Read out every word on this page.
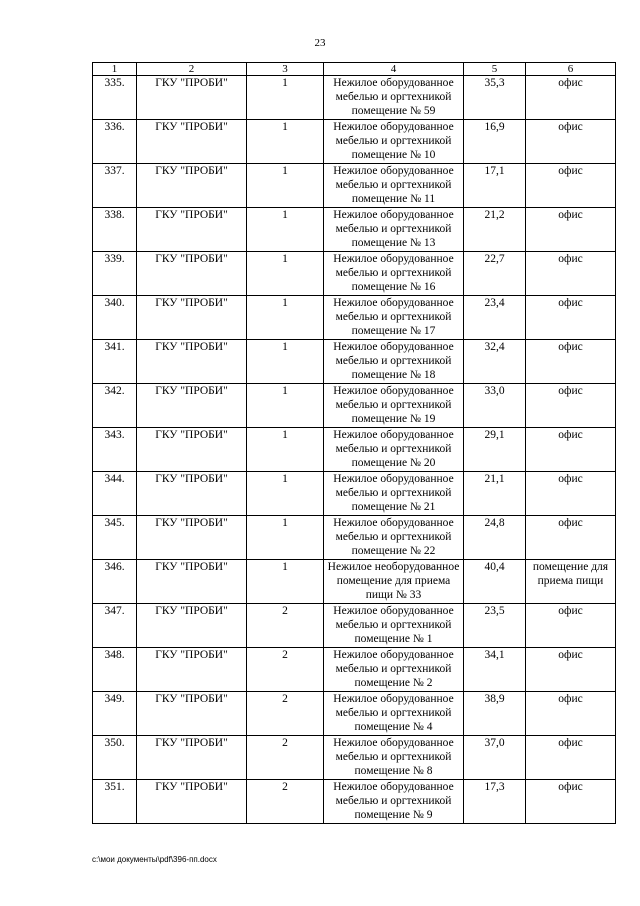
23
1	2	3	4	5	6
335.	ГКУ "ПРОБИ"	1	Нежилое оборудованное
мебелью и оргтехникой
помещение № 59	35,3	офис
336.	ГКУ "ПРОБИ"	1	Нежилое оборудованное
мебелью и оргтехникой
помещение № 10	16,9	офис
337.	ГКУ "ПРОБИ"	1	Нежилое оборудованное
мебелью и оргтехникой
помещение № 11	17,1	офис
338.	ГКУ "ПРОБИ"	1	Нежилое оборудованное
мебелью и оргтехникой
помещение № 13	21,2	офис
339.	ГКУ "ПРОБИ"	1	Нежилое оборудованное
мебелью и оргтехникой
помещение № 16	22,7	офис
340.	ГКУ "ПРОБИ"	1	Нежилое оборудованное
мебелью и оргтехникой
помещение № 17	23,4	офис
341.	ГКУ "ПРОБИ"	1	Нежилое оборудованное
мебелью и оргтехникой
помещение № 18	32,4	офис
342.	ГКУ "ПРОБИ"	1	Нежилое оборудованное
мебелью и оргтехникой
помещение № 19	33,0	офис
343.	ГКУ "ПРОБИ"	1	Нежилое оборудованное
мебелью и оргтехникой
помещение № 20	29,1	офис
344.	ГКУ "ПРОБИ"	1	Нежилое оборудованное
мебелью и оргтехникой
помещение № 21	21,1	офис
345.	ГКУ "ПРОБИ"	1	Нежилое оборудованное
мебелью и оргтехникой
помещение № 22	24,8	офис
346.	ГКУ "ПРОБИ"	1	Нежилое необорудованное
помещение для приема
пищи № 33	40,4	помещение для
приема пищи
347.	ГКУ "ПРОБИ"	2	Нежилое оборудованное
мебелью и оргтехникой
помещение № 1	23,5	офис
348.	ГКУ "ПРОБИ"	2	Нежилое оборудованное
мебелью и оргтехникой
помещение № 2	34,1	офис
349.	ГКУ "ПРОБИ"	2	Нежилое оборудованное
мебелью и оргтехникой
помещение № 4	38,9	офис
350.	ГКУ "ПРОБИ"	2	Нежилое оборудованное
мебелью и оргтехникой
помещение № 8	37,0	офис
351.	ГКУ "ПРОБИ"	2	Нежилое оборудованное
мебелью и оргтехникой
помещение № 9	17,3	офис
c:\мои документы\pdf\396-пп.docx
